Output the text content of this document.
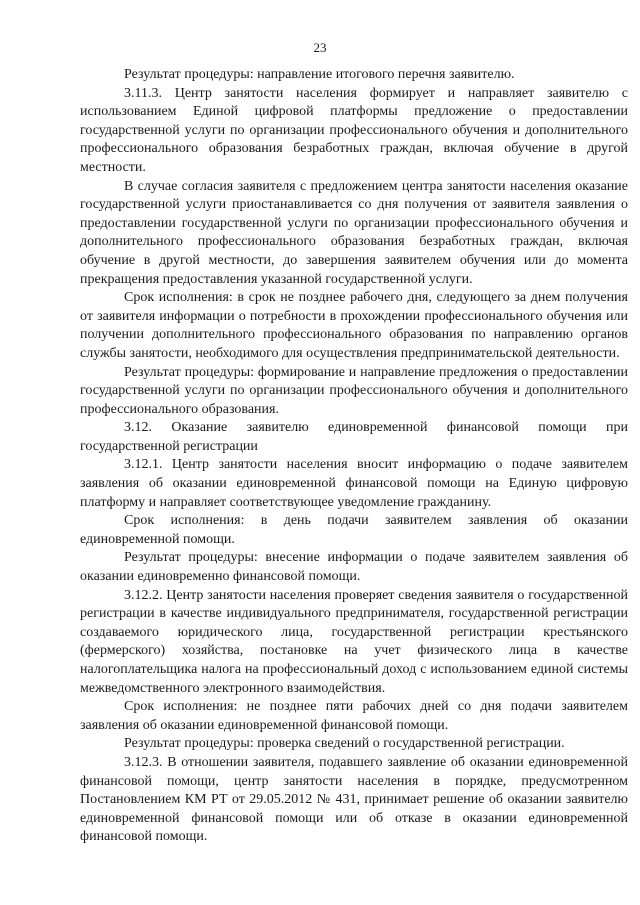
23

Результат процедуры: направление итогового перечня заявителю.

3.11.3. Центр занятости населения формирует и направляет заявителю с использованием Единой цифровой платформы предложение о предоставлении государственной услуги по организации профессионального обучения и дополнительного профессионального образования безработных граждан, включая обучение в другой местности.

В случае согласия заявителя с предложением центра занятости населения оказание государственной услуги приостанавливается со дня получения от заявителя заявления о предоставлении государственной услуги по организации профессионального обучения и дополнительного профессионального образования безработных граждан, включая обучение в другой местности, до завершения заявителем обучения или до момента прекращения предоставления указанной государственной услуги.

Срок исполнения: в срок не позднее рабочего дня, следующего за днем получения от заявителя информации о потребности в прохождении профессионального обучения или получении дополнительного профессионального образования по направлению органов службы занятости, необходимого для осуществления предпринимательской деятельности.

Результат процедуры: формирование и направление предложения о предоставлении государственной услуги по организации профессионального обучения и дополнительного профессионального образования.

3.12. Оказание заявителю единовременной финансовой помощи при государственной регистрации

3.12.1. Центр занятости населения вносит информацию о подаче заявителем заявления об оказании единовременной финансовой помощи на Единую цифровую платформу и направляет соответствующее уведомление гражданину.

Срок исполнения: в день подачи заявителем заявления об оказании единовременной помощи.

Результат процедуры: внесение информации о подаче заявителем заявления об оказании единовременно финансовой помощи.

3.12.2. Центр занятости населения проверяет сведения заявителя о государственной регистрации в качестве индивидуального предпринимателя, государственной регистрации создаваемого юридического лица, государственной регистрации крестьянского (фермерского) хозяйства, постановке на учет физического лица в качестве налогоплательщика налога на профессиональный доход с использованием единой системы межведомственного электронного взаимодействия.

Срок исполнения: не позднее пяти рабочих дней со дня подачи заявителем заявления об оказании единовременной финансовой помощи.

Результат процедуры: проверка сведений о государственной регистрации.

3.12.3. В отношении заявителя, подавшего заявление об оказании единовременной финансовой помощи, центр занятости населения в порядке, предусмотренном Постановлением КМ РТ от 29.05.2012 № 431, принимает решение об оказании заявителю единовременной финансовой помощи или об отказе в оказании единовременной финансовой помощи.
